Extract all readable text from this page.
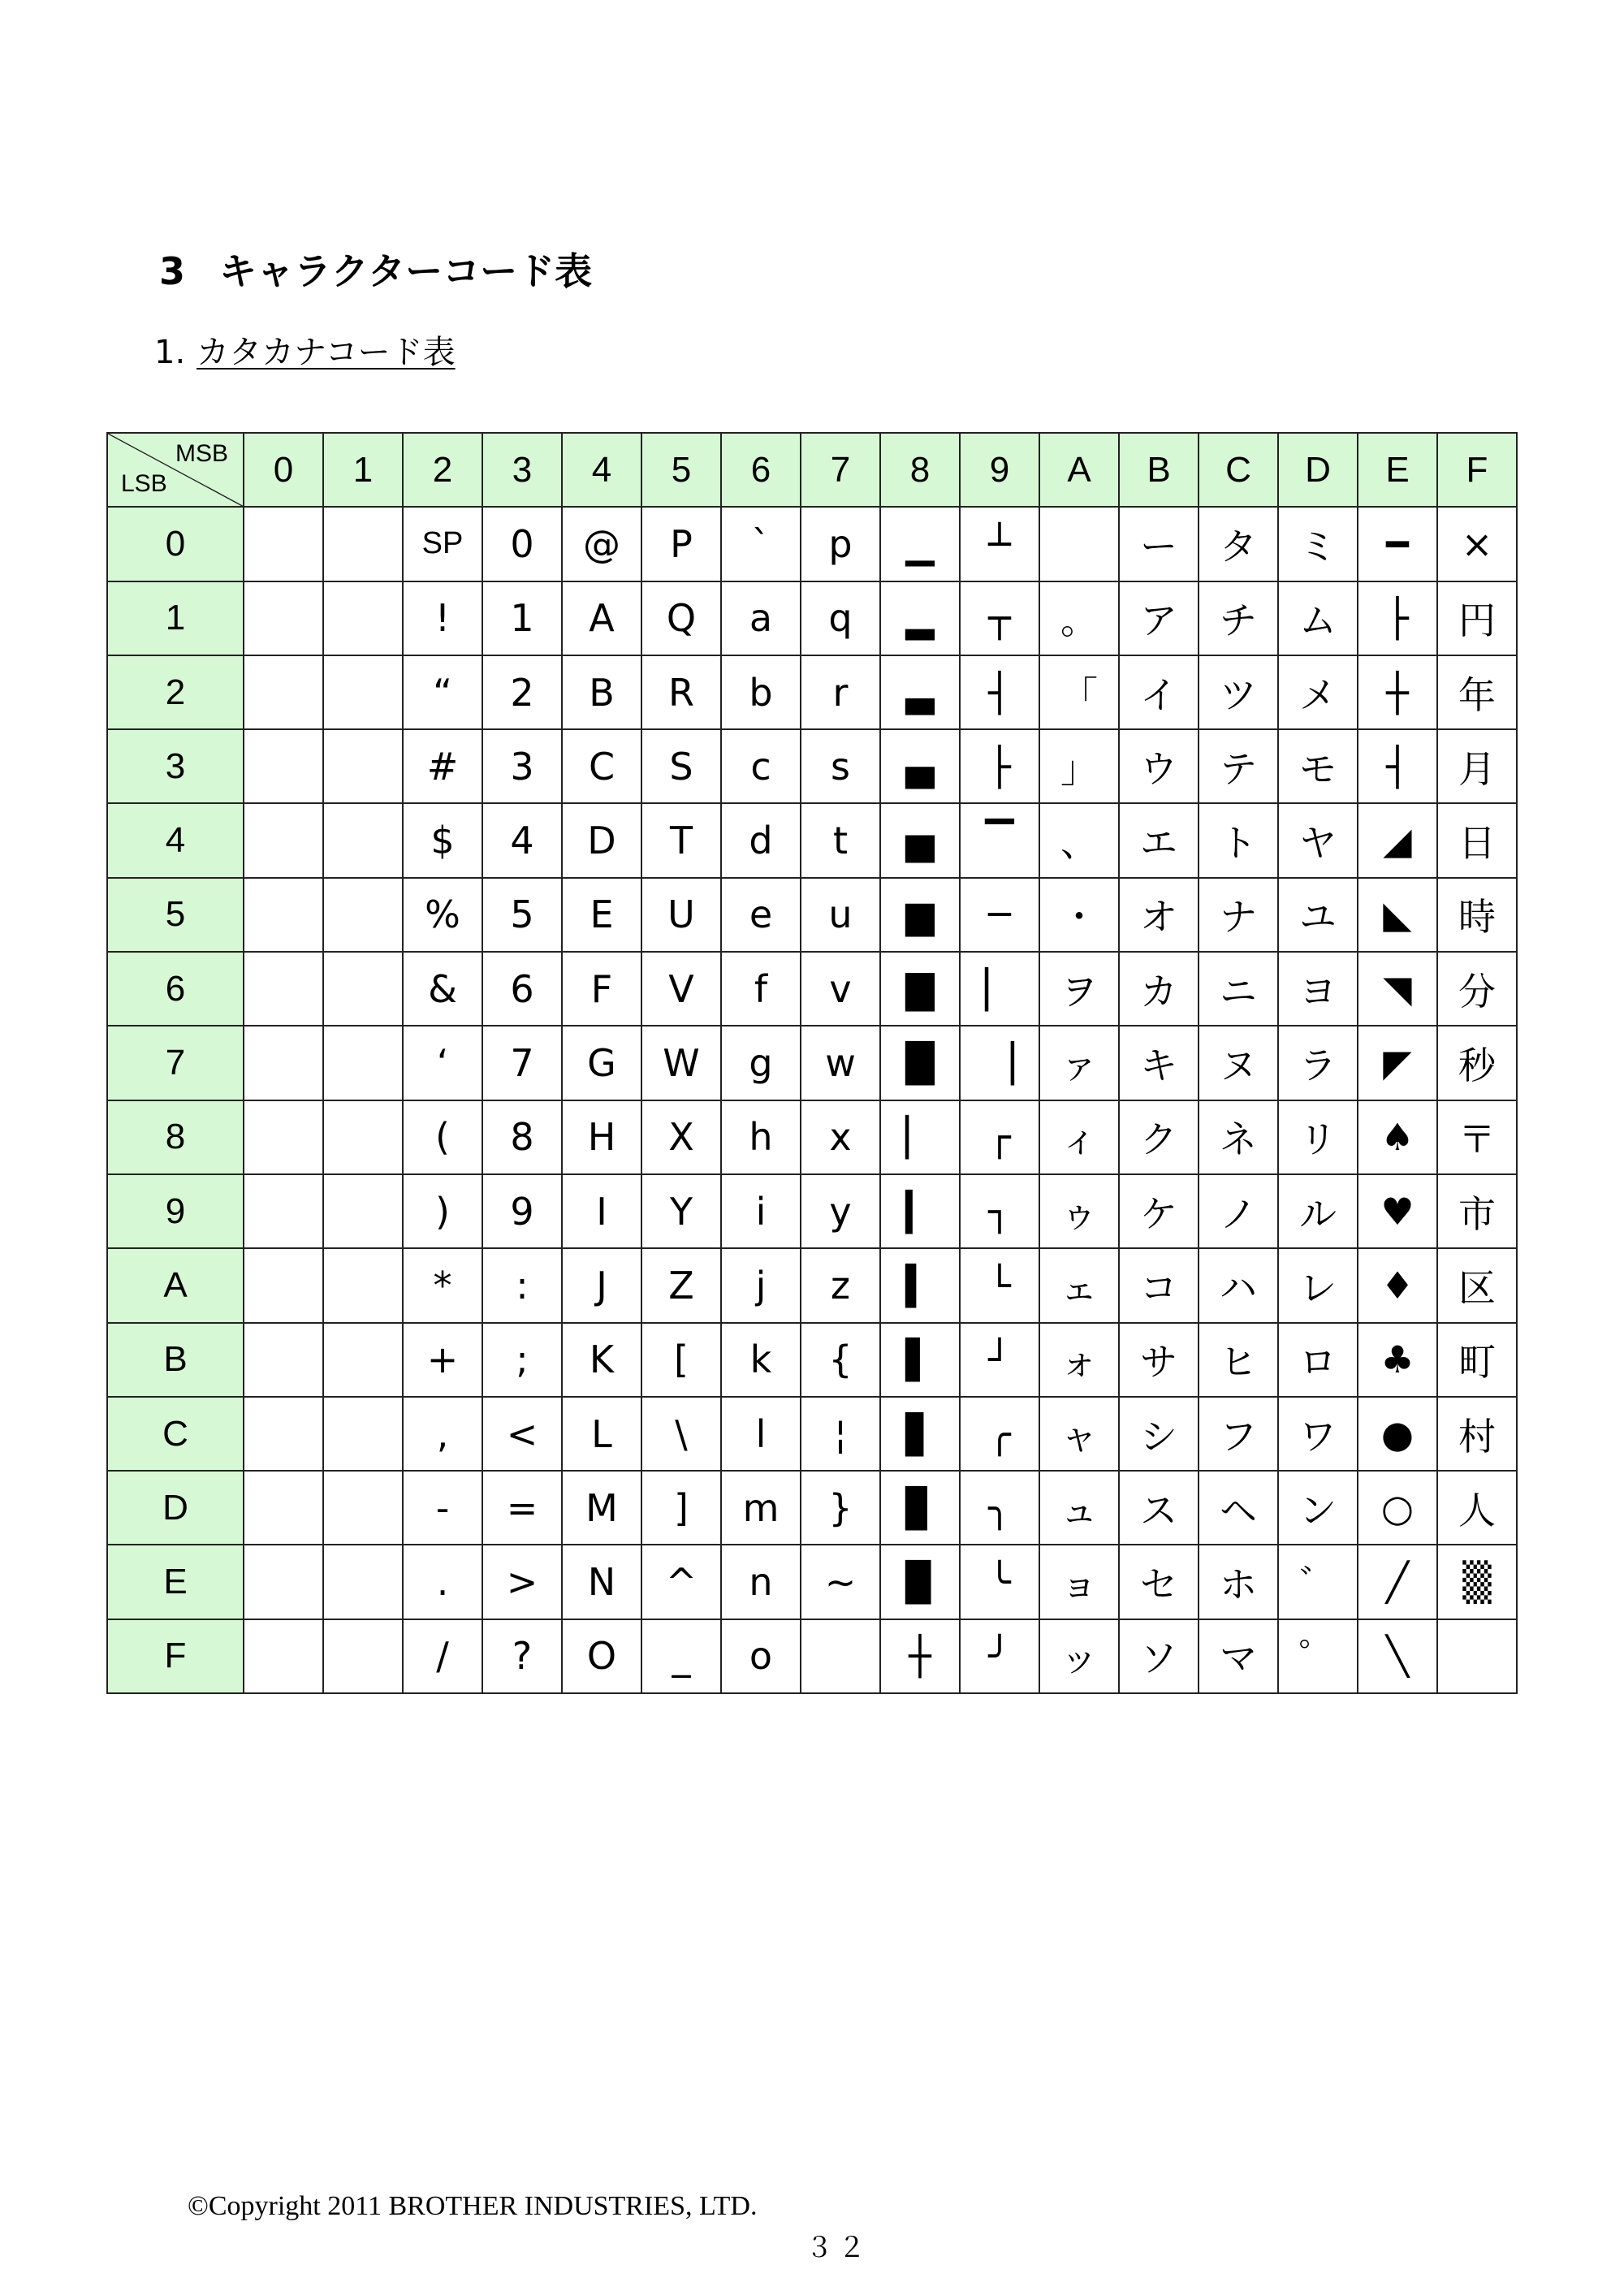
3 キャラクターコード表
1. カタカナコード表
MSB
LSB	0	1	2	3	4	5	6	7	8	9	A	B	C	D	E	F
0			SP	0	@	P	`	p	▁	┴		ー	タ	ミ	━	×
1			!	1	A	Q	a	q	▂	┬	。	ア	チ	ム	├	円
2			“	2	B	R	b	r	▃	┤	「	イ	ツ	メ	┼	年
3			#	3	C	S	c	s	▄	├	」	ウ	テ	モ	┤	月
4			$	4	D	T	d	t	▅	▔	、	エ	ト	ヤ	◢	日
5			%	5	E	U	e	u	▆	─	・	オ	ナ	ユ	◣	時
6			&	6	F	V	f	v	▇	▏	ヲ	カ	ニ	ヨ	◥	分
7			‘	7	G	W	g	w	█	▕	ァ	キ	ヌ	ラ	◤	秒
8			(	8	H	X	h	x	▏	┌	ィ	ク	ネ	リ	♠	〒
9			)	9	I	Y	i	y	▎	┐	ゥ	ケ	ノ	ル	♥	市
A			*	:	J	Z	j	z	▍	└	ェ	コ	ハ	レ	♦	区
B			+	;	K	[	k	{	▌	┘	ォ	サ	ヒ	ロ	♣	町
C			,	<	L	\	l	¦	▋	╭	ャ	シ	フ	ワ	●	村
D			-	=	M	]	m	}	▊	╮	ュ	ス	ヘ	ン	○	人
E			.	>	N	^	n	~	▉	╰	ョ	セ	ホ	゛	╱	▒
F			/	?	O	_	o		┼	╯	ッ	ソ	マ	゜	╲	
©Copyright 2011 BROTHER INDUSTRIES, LTD.
３２
